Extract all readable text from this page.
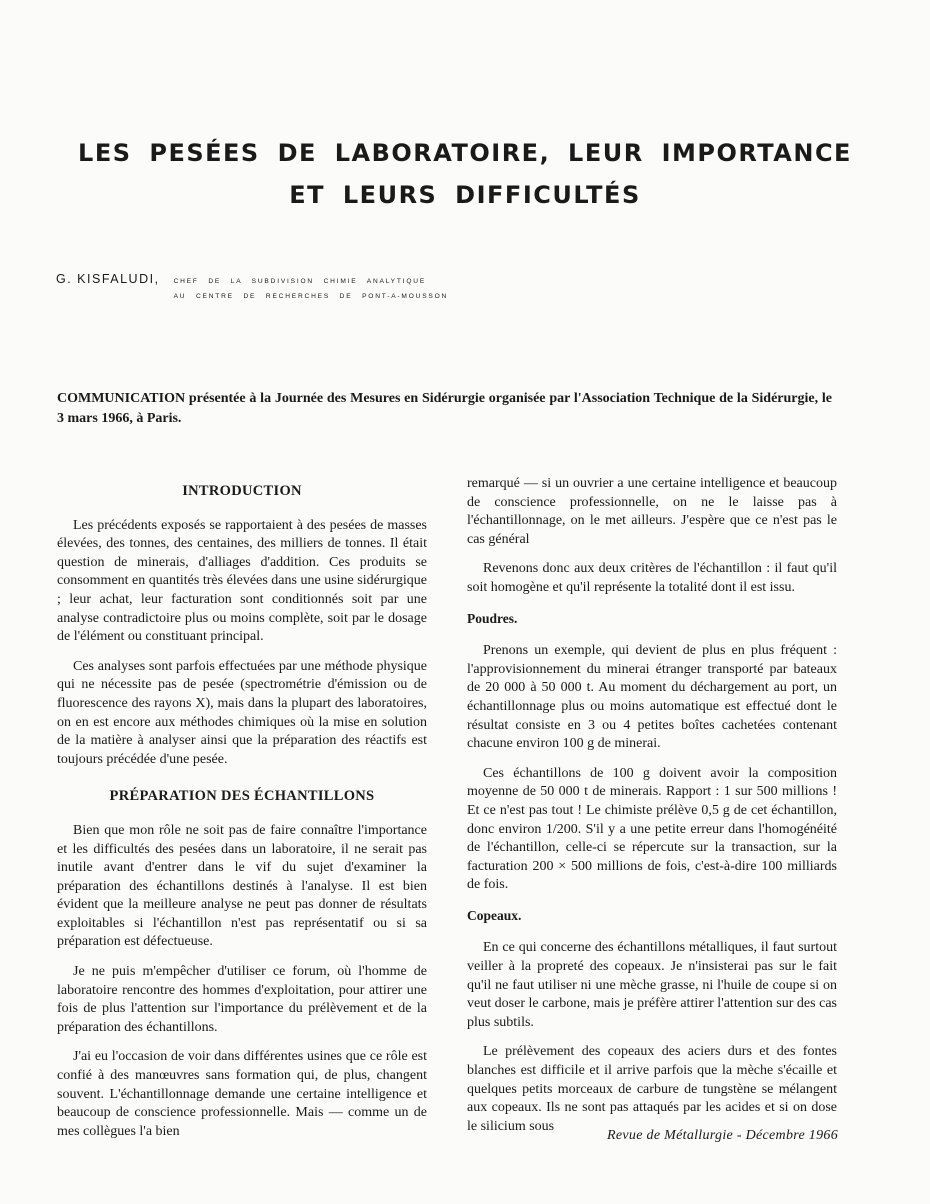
LES PESÉES DE LABORATOIRE, LEUR IMPORTANCE
ET LEURS DIFFICULTÉS
G. KISFALUDI, CHEF DE LA SUBDIVISION CHIMIE ANALYTIQUE
AU CENTRE DE RECHERCHES DE PONT-A-MOUSSON
COMMUNICATION présentée à la Journée des Mesures en Sidérurgie organisée par l'Association Technique de la Sidérurgie, le 3 mars 1966, à Paris.
INTRODUCTION

Les précédents exposés se rapportaient à des pesées de masses élevées, des tonnes, des centaines, des milliers de tonnes. Il était question de minerais, d'alliages d'addition. Ces produits se consomment en quantités très élevées dans une usine sidérurgique ; leur achat, leur facturation sont conditionnés soit par une analyse contradictoire plus ou moins complète, soit par le dosage de l'élément ou constituant principal.

Ces analyses sont parfois effectuées par une méthode physique qui ne nécessite pas de pesée (spectrométrie d'émission ou de fluorescence des rayons X), mais dans la plupart des laboratoires, on en est encore aux méthodes chimiques où la mise en solution de la matière à analyser ainsi que la préparation des réactifs est toujours précédée d'une pesée.

PRÉPARATION DES ÉCHANTILLONS

Bien que mon rôle ne soit pas de faire connaître l'importance et les difficultés des pesées dans un laboratoire, il ne serait pas inutile avant d'entrer dans le vif du sujet d'examiner la préparation des échantillons destinés à l'analyse. Il est bien évident que la meilleure analyse ne peut pas donner de résultats exploitables si l'échantillon n'est pas représentatif ou si sa préparation est défectueuse.

Je ne puis m'empêcher d'utiliser ce forum, où l'homme de laboratoire rencontre des hommes d'exploitation, pour attirer une fois de plus l'attention sur l'importance du prélèvement et de la préparation des échantillons.

J'ai eu l'occasion de voir dans différentes usines que ce rôle est confié à des manœuvres sans formation qui, de plus, changent souvent. L'échantillonnage demande une certaine intelligence et beaucoup de conscience professionnelle. Mais — comme un de mes collègues l'a bien

remarqué — si un ouvrier a une certaine intelligence et beaucoup de conscience professionnelle, on ne le laisse pas à l'échantillonnage, on le met ailleurs. J'espère que ce n'est pas le cas général

Revenons donc aux deux critères de l'échantillon : il faut qu'il soit homogène et qu'il représente la totalité dont il est issu.

Poudres.

Prenons un exemple, qui devient de plus en plus fréquent : l'approvisionnement du minerai étranger transporté par bateaux de 20 000 à 50 000 t. Au moment du déchargement au port, un échantillonnage plus ou moins automatique est effectué dont le résultat consiste en 3 ou 4 petites boîtes cachetées contenant chacune environ 100 g de minerai.

Ces échantillons de 100 g doivent avoir la composition moyenne de 50 000 t de minerais. Rapport : 1 sur 500 millions ! Et ce n'est pas tout ! Le chimiste prélève 0,5 g de cet échantillon, donc environ 1/200. S'il y a une petite erreur dans l'homogénéité de l'échantillon, celle-ci se répercute sur la transaction, sur la facturation 200 × 500 millions de fois, c'est-à-dire 100 milliards de fois.

Copeaux.

En ce qui concerne des échantillons métalliques, il faut surtout veiller à la propreté des copeaux. Je n'insisterai pas sur le fait qu'il ne faut utiliser ni une mèche grasse, ni l'huile de coupe si on veut doser le carbone, mais je préfère attirer l'attention sur des cas plus subtils.

Le prélèvement des copeaux des aciers durs et des fontes blanches est difficile et il arrive parfois que la mèche s'écaille et quelques petits morceaux de carbure de tungstène se mélangent aux copeaux. Ils ne sont pas attaqués par les acides et si on dose le silicium sous

Revue de Métallurgie - Décembre 1966
